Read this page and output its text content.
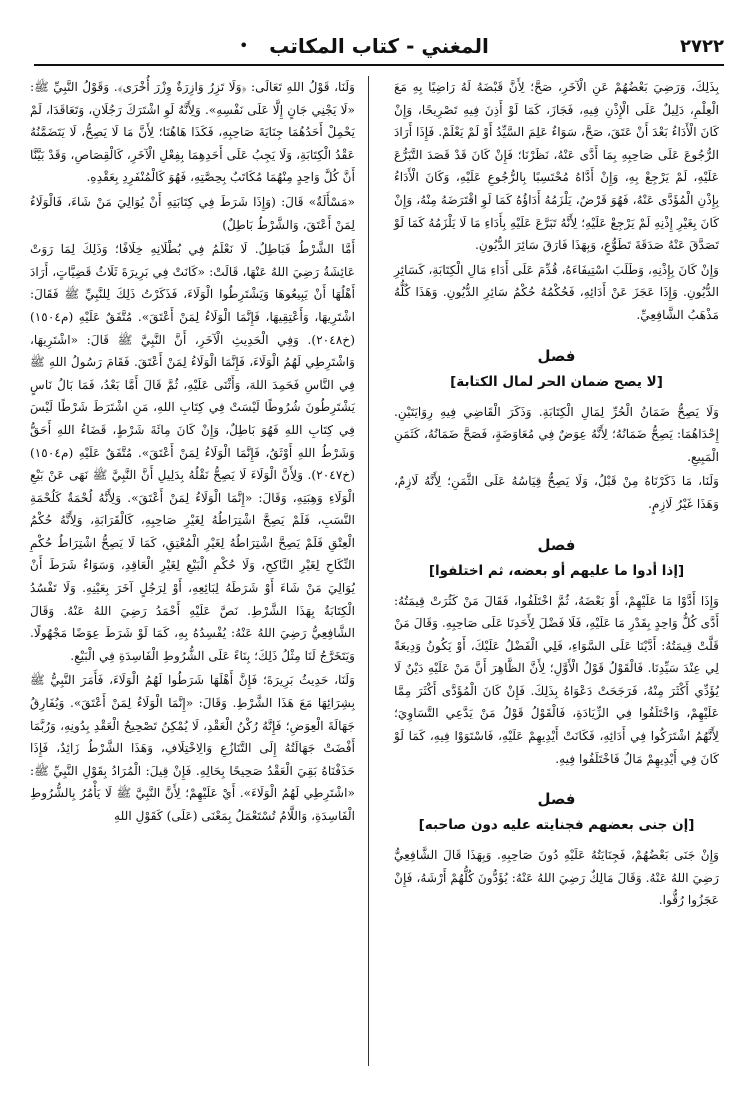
٢٧٢٢
المغني - كتاب المكاتب
•

بِذَلِكَ، وَرَضِيَ بَعْضُهُمْ عَنِ الْآخَرِ، صَحَّ؛ لِأَنَّ قَبْضَهُ لَهُ رَاضِيًا بِهِ مَعَ الْعِلْمِ، دَلِيلٌ عَلَى الْإِذْنِ فِيهِ، فَجَازَ، كَمَا لَوْ أَذِنَ فِيهِ تَصْرِيحًا، وَإِنْ كَانَ الْأَدَاءُ بَعْدَ أَنْ عَتَقَ، صَحَّ، سَوَاءٌ عَلِمَ السَّيِّدُ أَوْ لَمْ يَعْلَمْ. فَإِذَا أَرَادَ الرُّجُوعَ عَلَى صَاحِبِهِ بِمَا أَدَّى عَنْهُ، نَظَرْنَا؛ فَإِنْ كَانَ قَدْ قَصَدَ التَّبَرُّعَ عَلَيْهِ، لَمْ يَرْجِعْ بِهِ، وَإِنْ أَدَّاهُ مُحْتَسِبًا بِالرُّجُوعِ عَلَيْهِ، وَكَانَ الْأَدَاءُ بِإِذْنِ الْمُؤَدَّى عَنْهُ، فَهُوَ قَرْضٌ، يَلْزَمُهُ أَدَاؤُهُ كَمَا لَوِ اقْتَرَضَهُ مِنْهُ، وَإِنْ كَانَ بِغَيْرِ إِذْنِهِ لَمْ يَرْجِعْ عَلَيْهِ؛ لِأَنَّهُ تَبَرَّعَ عَلَيْهِ بِأَدَاءِ مَا لَا يَلْزَمُهُ كَمَا لَوْ تَصَدَّقَ عَنْهُ صَدَقَةَ تَطَوُّعٍ، وَبِهَذَا فَارَقَ سَائِرَ الدُّيُونِ.

وَإِنْ كَانَ بِإِذْنِهِ، وَطَلَبَ اسْتِيفَاءَهُ، قُدِّمَ عَلَى أَدَاءِ مَالِ الْكِتَابَةِ، كَسَائِرِ الدُّيُونِ. وَإِذَا عَجَزَ عَنْ أَدَائِهِ، فَحُكْمُهُ حُكْمُ سَائِرِ الدُّيُونِ. وَهَذَا كُلُّهُ مَذْهَبُ الشَّافِعِيِّ.

فصل
[لا يصح ضمان الحر لمال الكتابة]

وَلَا يَصِحُّ ضَمَانُ الْحُرِّ لِمَالِ الْكِتَابَةِ. وَذَكَرَ الْقَاضِي فِيهِ رِوَايَتَيْنِ. إِحْدَاهُمَا: يَصِحُّ ضَمَانُهُ؛ لِأَنَّهُ عِوَضٌ فِي مُعَاوَضَةٍ، فَصَحَّ ضَمَانُهُ، كَثَمَنِ الْمَبِيعِ.

وَلَنَا، مَا ذَكَرْنَاهُ مِنْ قَبْلُ، وَلَا يَصِحُّ قِيَاسُهُ عَلَى الثَّمَنِ؛ لِأَنَّهُ لَازِمٌ، وَهَذَا غَيْرُ لَازِمٍ.

فصل
[إذا أدوا ما عليهم أو بعضه، ثم اختلفوا]

وَإِذَا أَدَّوْا مَا عَلَيْهِمْ، أَوْ بَعْضَهُ، ثُمَّ اخْتَلَفُوا، فَقَالَ مَنْ كَثُرَتْ قِيمَتُهُ: أَدَّى كُلُّ وَاحِدٍ بِقَدْرِ مَا عَلَيْهِ، فَلَا فَضْلَ لِأَحَدِنَا عَلَى صَاحِبِهِ. وَقَالَ مَنْ قَلَّتْ قِيمَتُهُ: أَدَّيْنَا عَلَى السَّوَاءِ، فَلِي الْفَضْلُ عَلَيْكَ، أَوْ يَكُونُ وَدِيعَةً لِي عِنْدَ سَيِّدِنَا. فَالْقَوْلُ قَوْلُ الْأَوَّلِ؛ لِأَنَّ الظَّاهِرَ أَنَّ مَنْ عَلَيْهِ دَيْنٌ لَا يُؤَدِّي أَكْثَرَ مِنْهُ، فَرَجَحَتْ دَعْوَاهُ بِذَلِكَ. فَإِنْ كَانَ الْمُؤَدَّى أَكْثَرَ مِمَّا عَلَيْهِمْ، وَاخْتَلَفُوا فِي الزِّيَادَةِ، فَالْقَوْلُ قَوْلُ مَنْ يَدَّعِي التَّسَاوِيَ؛ لِأَنَّهُمُ اشْتَرَكُوا فِي أَدَائِهِ، فَكَانَتْ أَيْدِيهِمْ عَلَيْهِ، فَاسْتَوَوْا فِيهِ، كَمَا لَوْ كَانَ فِي أَيْدِيهِمْ مَالٌ فَاخْتَلَفُوا فِيهِ.

فصل
[إن جنى بعضهم فجنايته عليه دون صاحبه]

وَإِنْ جَنَى بَعْضُهُمْ، فَجِنَايَتُهُ عَلَيْهِ دُونَ صَاحِبِهِ. وَبِهَذَا قَالَ الشَّافِعِيُّ رَضِيَ اللهُ عَنْهُ. وَقَالَ مَالِكٌ رَضِيَ اللهُ عَنْهُ: يُؤَدُّونَ كُلُّهُمْ أَرْشَهُ، فَإِنْ عَجَزُوا رُقُّوا.

وَلَنَا، قَوْلُ اللهِ تَعَالَى: ﴿وَلَا تَزِرُ وَازِرَةٌ وِزْرَ أُخْرَى﴾. وَقَوْلُ النَّبِيِّ ﷺ: «لَا يَجْنِي جَانٍ إِلَّا عَلَى نَفْسِهِ». وَلِأَنَّهُ لَوِ اشْتَرَكَ رَجُلَانِ، وَتَعَاقَدَا، لَمْ يَحْمِلْ أَحَدُهُمَا جِنَايَةَ صَاحِبِهِ، فَكَذَا هَاهُنَا؛ لِأَنَّ مَا لَا يَصِحُّ، لَا يَتَضَمَّنُهُ عَقْدُ الْكِتَابَةِ، وَلَا يَجِبُ عَلَى أَحَدِهِمَا بِفِعْلِ الْآخَرِ، كَالْقِصَاصِ، وَقَدْ بَيَّنَّا أَنَّ كُلَّ وَاحِدٍ مِنْهُمَا مُكَاتَبٌ بِحِصَّتِهِ، فَهُوَ كَالْمُنْفَرِدِ بِعَقْدِهِ.

«مَسْأَلَةٌ» قَالَ: (وَإِذَا شَرَطَ فِي كِتَابَتِهِ أَنْ يُوَالِيَ مَنْ شَاءَ، فَالْوَلَاءُ لِمَنْ أَعْتَقَ، وَالشَّرْطُ بَاطِلٌ)

أَمَّا الشَّرْطُ فَبَاطِلٌ. لَا نَعْلَمُ فِي بُطْلَانِهِ خِلَافًا؛ وَذَلِكَ لِمَا رَوَتْ عَائِشَةُ رَضِيَ اللهُ عَنْهَا، قَالَتْ: «كَانَتْ فِي بَرِيرَةَ ثَلَاثُ قَضِيَّاتٍ، أَرَادَ أَهْلُهَا أَنْ يَبِيعُوهَا وَيَشْتَرِطُوا الْوَلَاءَ، فَذَكَرْتُ ذَلِكَ لِلنَّبِيِّ ﷺ فَقَالَ: اشْتَرِيهَا، وَأَعْتِقِيهَا، فَإِنَّمَا الْوَلَاءُ لِمَنْ أَعْتَقَ». مُتَّفَقٌ عَلَيْهِ (م١٥٠٤) (خ٢٠٤٨). وَفِي الْحَدِيثِ الْآخَرِ، أَنَّ النَّبِيَّ ﷺ قَالَ: «اشْتَرِيهَا، وَاشْتَرِطِي لَهُمُ الْوَلَاءَ، فَإِنَّمَا الْوَلَاءُ لِمَنْ أَعْتَقَ. فَقَامَ رَسُولُ اللهِ ﷺ فِي النَّاسِ فَحَمِدَ اللهَ، وَأَثْنَى عَلَيْهِ، ثُمَّ قَالَ أَمَّا بَعْدُ، فَمَا بَالُ نَاسٍ يَشْتَرِطُونَ شُرُوطًا لَيْسَتْ فِي كِتَابِ اللهِ، مَنِ اشْتَرَطَ شَرْطًا لَيْسَ فِي كِتَابِ اللهِ فَهُوَ بَاطِلٌ، وَإِنْ كَانَ مِائَةَ شَرْطٍ، قَضَاءُ اللهِ أَحَقُّ وَشَرْطُ اللهِ أَوْثَقُ، فَإِنَّمَا الْوَلَاءُ لِمَنْ أَعْتَقَ». مُتَّفَقٌ عَلَيْهِ (م١٥٠٤) (خ٢٠٤٧). وَلِأَنَّ الْوَلَاءَ لَا يَصِحُّ نَقْلُهُ بِدَلِيلِ أَنَّ النَّبِيَّ ﷺ نَهَى عَنْ بَيْعِ الْوَلَاءِ وَهِبَتِهِ، وَقَالَ: «إِنَّمَا الْوَلَاءُ لِمَنْ أَعْتَقَ». وَلِأَنَّهُ لُحْمَةٌ كَلُحْمَةِ النَّسَبِ، فَلَمْ يَصِحَّ اشْتِرَاطُهُ لِغَيْرِ صَاحِبِهِ، كَالْقَرَابَةِ، وَلِأَنَّهُ حُكْمُ الْعِتْقِ فَلَمْ يَصِحَّ اشْتِرَاطُهُ لِغَيْرِ الْمُعْتِقِ، كَمَا لَا يَصِحُّ اشْتِرَاطُ حُكْمِ النِّكَاحِ لِغَيْرِ النَّاكِحِ، وَلَا حُكْمِ الْبَيْعِ لِغَيْرِ الْعَاقِدِ، وَسَوَاءٌ شَرَطَ أَنْ يُوَالِيَ مَنْ شَاءَ أَوْ شَرَطَهُ لِبَائِعِهِ، أَوْ لِرَجُلٍ آخَرَ بِعَيْنِهِ. وَلَا تَفْسُدُ الْكِتَابَةُ بِهَذَا الشَّرْطِ. نَصَّ عَلَيْهِ أَحْمَدُ رَضِيَ اللهُ عَنْهُ. وَقَالَ الشَّافِعِيُّ رَضِيَ اللهُ عَنْهُ: يُفْسِدُهُ بِهِ، كَمَا لَوْ شَرَطَ عِوَضًا مَجْهُولًا. وَيَتَخَرَّجُ لَنَا مِثْلُ ذَلِكَ؛ بِنَاءً عَلَى الشُّرُوطِ الْفَاسِدَةِ فِي الْبَيْعِ.

وَلَنَا، حَدِيثُ بَرِيرَةَ؛ فَإِنَّ أَهْلَهَا شَرَطُوا لَهُمُ الْوَلَاءَ، فَأَمَرَ النَّبِيُّ ﷺ بِشِرَائِهَا مَعَ هَذَا الشَّرْطِ. وَقَالَ: «إِنَّمَا الْوَلَاءُ لِمَنْ أَعْتَقَ». وَيُفَارِقُ جَهَالَةَ الْعِوَضِ؛ فَإِنَّهُ رُكْنُ الْعَقْدِ، لَا يُمْكِنُ تَصْحِيحُ الْعَقْدِ بِدُونِهِ، وَرُبَّمَا أَفْضَتْ جَهَالَتُهُ إِلَى التَّنَازُعِ وَالِاخْتِلَافِ، وَهَذَا الشَّرْطُ زَائِدٌ، فَإِذَا حَذَفْنَاهُ بَقِيَ الْعَقْدُ صَحِيحًا بِحَالِهِ. فَإِنْ قِيلَ: الْمُرَادُ بِقَوْلِ النَّبِيِّ ﷺ: «اشْتَرِطِي لَهُمُ الْوَلَاءَ». أَيْ عَلَيْهِمْ؛ لِأَنَّ النَّبِيَّ ﷺ لَا يَأْمُرُ بِالشُّرُوطِ الْفَاسِدَةِ، وَاللَّامُ تُسْتَعْمَلُ بِمَعْنَى (عَلَى) كَقَوْلِ اللهِ
